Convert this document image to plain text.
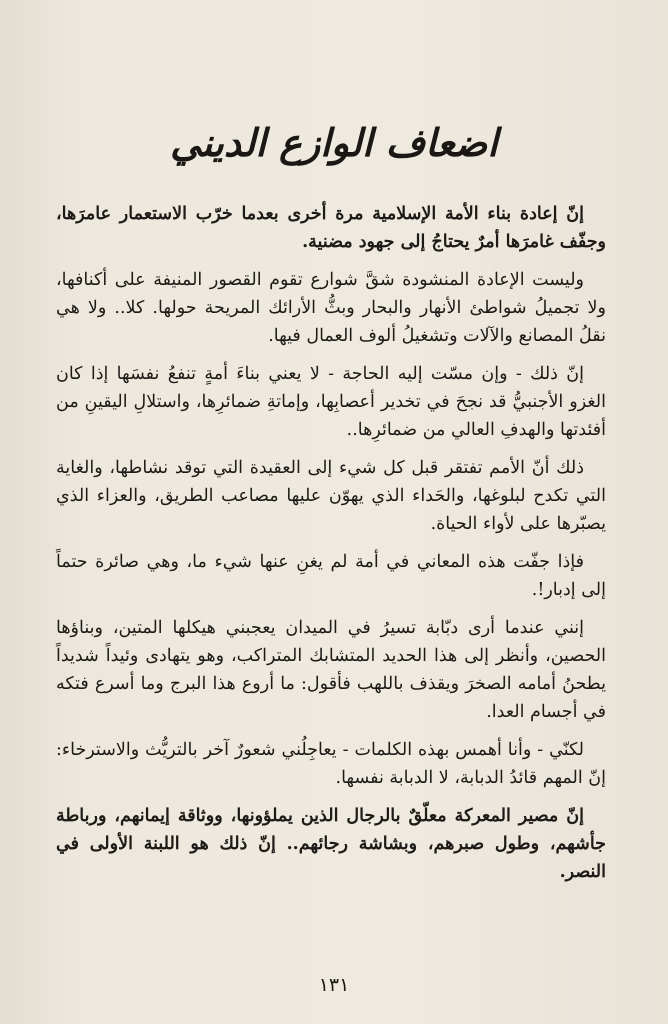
اضعاف الوازع الديني

إنّ إعادة بناء الأمة الإسلامية مرة أخرى بعدما خرّب الاستعمار عامرَها، وجفّف غامرَها أمرٌ يحتاجُ إلى جهود مضنية.

وليست الإعادة المنشودة شقَّ شوارع تقوم القصور المنيفة على أكنافها، ولا تجميلُ شواطئ الأنهار والبحار وبثُّ الأرائك المريحة حولها. كلا.. ولا هي نقلُ المصانع والآلات وتشغيلُ ألوف العمال فيها.

إنّ ذلك - وإن مسّت إليه الحاجة - لا يعني بناءَ أمةٍ تنفعُ نفسَها إذا كان الغزو الأجنبيُّ قد نجحَ في تخدير أعصابِها، وإماتةِ ضمائرِها، واستلالِ اليقينِ من أفئدتها والهدفِ العالي من ضمائرِها..

ذلك أنّ الأمم تفتقر قبل كل شيء إلى العقيدة التي توقد نشاطها، والغاية التي تكدح لبلوغها، والحَداء الذي يهوّن عليها مصاعب الطريق، والعزاء الذي يصبّرها على لأواء الحياة.

فإذا جفّت هذه المعاني في أمة لم يغنِ عنها شيء ما، وهي صائرة حتماً إلى إدبار!.

إنني عندما أرى دبّابة تسيرُ في الميدان يعجبني هيكلها المتين، وبناؤها الحصين، وأنظر إلى هذا الحديد المتشابك المتراكب، وهو يتهادى وئيداً شديداً يطحنُ أمامه الصخرَ ويقذف باللهب فأقول: ما أروع هذا البرج وما أسرع فتكه في أجسام العدا.

لكنّي - وأنا أهمس بهذه الكلمات - يعاجِلُني شعورٌ آخر بالتريُّث والاسترخاء: إنّ المهم قائدُ الدبابة، لا الدبابة نفسها.

إنّ مصير المعركة معلّقٌ بالرجال الذين يملؤونها، ووثاقة إيمانهم، ورباطة جأشهم، وطول صبرهم، وبشاشة رجائهم.. إنّ ذلك هو اللبنة الأولى في النصر.

١٣١
